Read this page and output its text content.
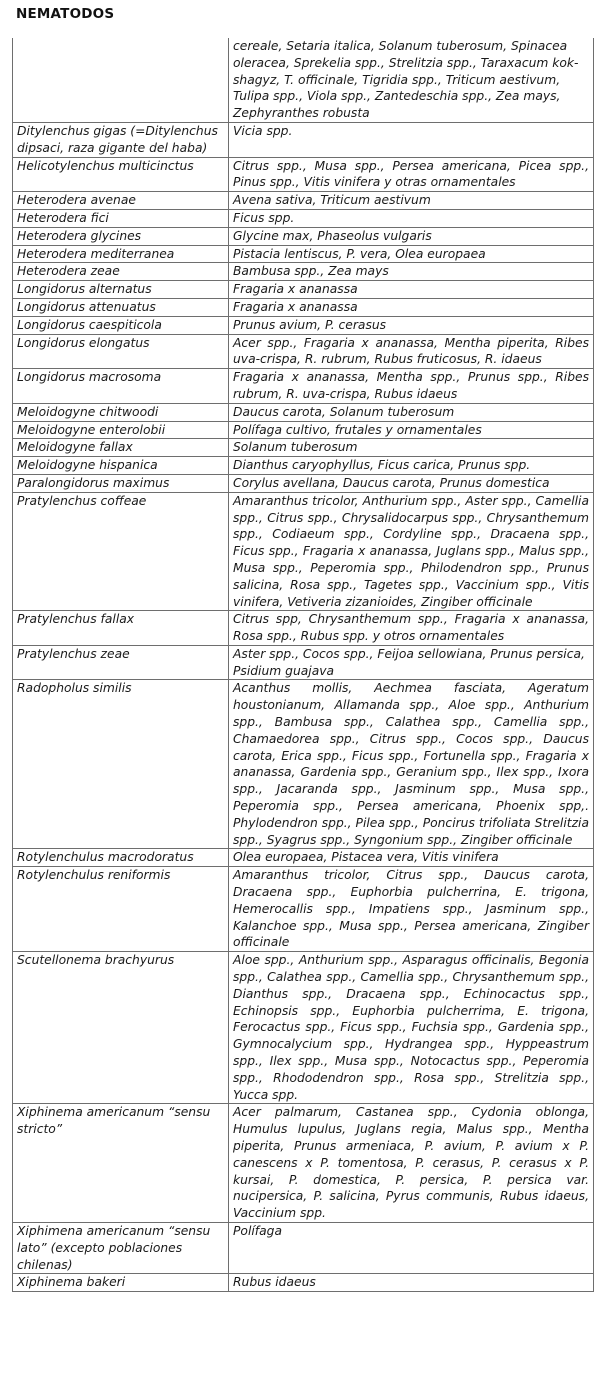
NEMATODOS
	cereale, Setaria italica, Solanum tuberosum, Spinacea oleracea, Sprekelia spp., Strelitzia spp., Taraxacum kok-shagyz, T. officinale, Tigridia spp., Triticum aestivum, Tulipa spp., Viola spp., Zantedeschia spp., Zea mays, Zephyranthes robusta
Ditylenchus gigas (=Ditylenchus dipsaci, raza gigante del haba)	Vicia spp.
Helicotylenchus multicinctus	Citrus spp., Musa spp., Persea americana, Picea spp., Pinus spp., Vitis vinifera y otras ornamentales
Heterodera avenae	Avena sativa, Triticum aestivum
Heterodera fici	Ficus spp.
Heterodera glycines	Glycine max, Phaseolus vulgaris
Heterodera mediterranea	Pistacia lentiscus, P. vera, Olea europaea
Heterodera zeae	Bambusa spp., Zea mays
Longidorus alternatus	Fragaria x ananassa
Longidorus attenuatus	Fragaria x ananassa
Longidorus caespiticola	Prunus avium, P. cerasus
Longidorus elongatus	Acer spp., Fragaria x ananassa, Mentha piperita, Ribes uva-crispa, R. rubrum, Rubus fruticosus, R. idaeus
Longidorus macrosoma	Fragaria x ananassa, Mentha spp., Prunus spp., Ribes rubrum, R. uva-crispa, Rubus idaeus
Meloidogyne chitwoodi	Daucus carota, Solanum tuberosum
Meloidogyne enterolobii	Polífaga cultivo, frutales y ornamentales
Meloidogyne fallax	Solanum tuberosum
Meloidogyne hispanica	Dianthus caryophyllus, Ficus carica, Prunus spp.
Paralongidorus maximus	Corylus avellana, Daucus carota, Prunus domestica
Pratylenchus coffeae	Amaranthus tricolor, Anthurium spp., Aster spp., Camellia spp., Citrus spp., Chrysalidocarpus spp., Chrysanthemum spp., Codiaeum spp., Cordyline spp., Dracaena spp., Ficus spp., Fragaria x ananassa, Juglans spp., Malus spp., Musa spp., Peperomia spp., Philodendron spp., Prunus salicina, Rosa spp., Tagetes spp., Vaccinium spp., Vitis vinifera, Vetiveria zizanioides, Zingiber officinale
Pratylenchus fallax	Citrus spp, Chrysanthemum spp., Fragaria x ananassa, Rosa spp., Rubus spp. y otros ornamentales
Pratylenchus zeae	Aster spp., Cocos spp., Feijoa sellowiana, Prunus persica, Psidium guajava
Radopholus similis	Acanthus mollis, Aechmea fasciata, Ageratum houstonianum, Allamanda spp., Aloe spp., Anthurium spp., Bambusa spp., Calathea spp., Camellia spp., Chamaedorea spp., Citrus spp., Cocos spp., Daucus carota, Erica spp., Ficus spp., Fortunella spp., Fragaria x ananassa, Gardenia spp., Geranium spp., Ilex spp., Ixora spp., Jacaranda spp., Jasminum spp., Musa spp., Peperomia spp., Persea americana, Phoenix spp,. Phylodendron spp., Pilea spp., Poncirus trifoliata Strelitzia spp., Syagrus spp., Syngonium spp., Zingiber officinale
Rotylenchulus macrodoratus	Olea europaea, Pistacea vera, Vitis vinifera
Rotylenchulus reniformis	Amaranthus tricolor, Citrus spp., Daucus carota, Dracaena spp., Euphorbia pulcherrina, E. trigona, Hemerocallis spp., Impatiens spp., Jasminum spp., Kalanchoe spp., Musa spp., Persea americana, Zingiber officinale
Scutellonema brachyurus	Aloe spp., Anthurium spp., Asparagus officinalis, Begonia spp., Calathea spp., Camellia spp., Chrysanthemum spp., Dianthus spp., Dracaena spp., Echinocactus spp., Echinopsis spp., Euphorbia pulcherrima, E. trigona, Ferocactus spp., Ficus spp., Fuchsia spp., Gardenia spp., Gymnocalycium spp., Hydrangea spp., Hyppeastrum spp., Ilex spp., Musa spp., Notocactus spp., Peperomia spp., Rhododendron spp., Rosa spp., Strelitzia spp., Yucca spp.
Xiphinema americanum “sensu stricto”	Acer palmarum, Castanea spp., Cydonia oblonga, Humulus lupulus, Juglans regia, Malus spp., Mentha piperita, Prunus armeniaca, P. avium, P. avium x P. canescens x P. tomentosa, P. cerasus, P. cerasus x P. kursai, P. domestica, P. persica, P. persica var. nucipersica, P. salicina, Pyrus communis, Rubus idaeus, Vaccinium spp.
Xiphimena americanum “sensu lato” (excepto poblaciones chilenas)	Polífaga
Xiphinema bakeri	Rubus idaeus
